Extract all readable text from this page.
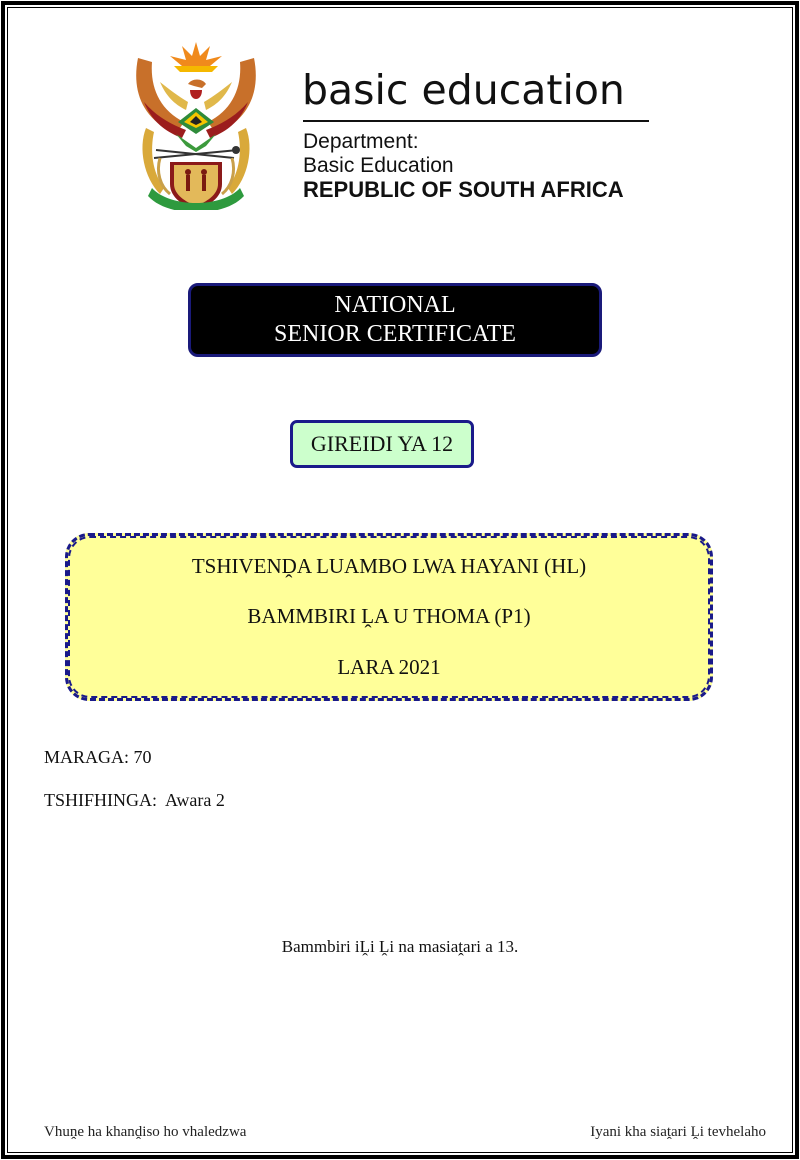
basic education
Department:
Basic Education
REPUBLIC OF SOUTH AFRICA
NATIONAL
SENIOR CERTIFICATE
GIREIDI YA 12
TSHIVENḒA LUAMBO LWA HAYANI (HL)
BAMMBIRI ḼA U THOMA (P1)
LARA 2021
MARAGA: 70
TSHIFHINGA:  Awara 2
Bammbiri iḼi Ḽi na masiaṱari a 13.
Vhuṋe ha khanḓiso ho vhaledzwa	Iyani kha siaṱari Ḽi tevhelaho
